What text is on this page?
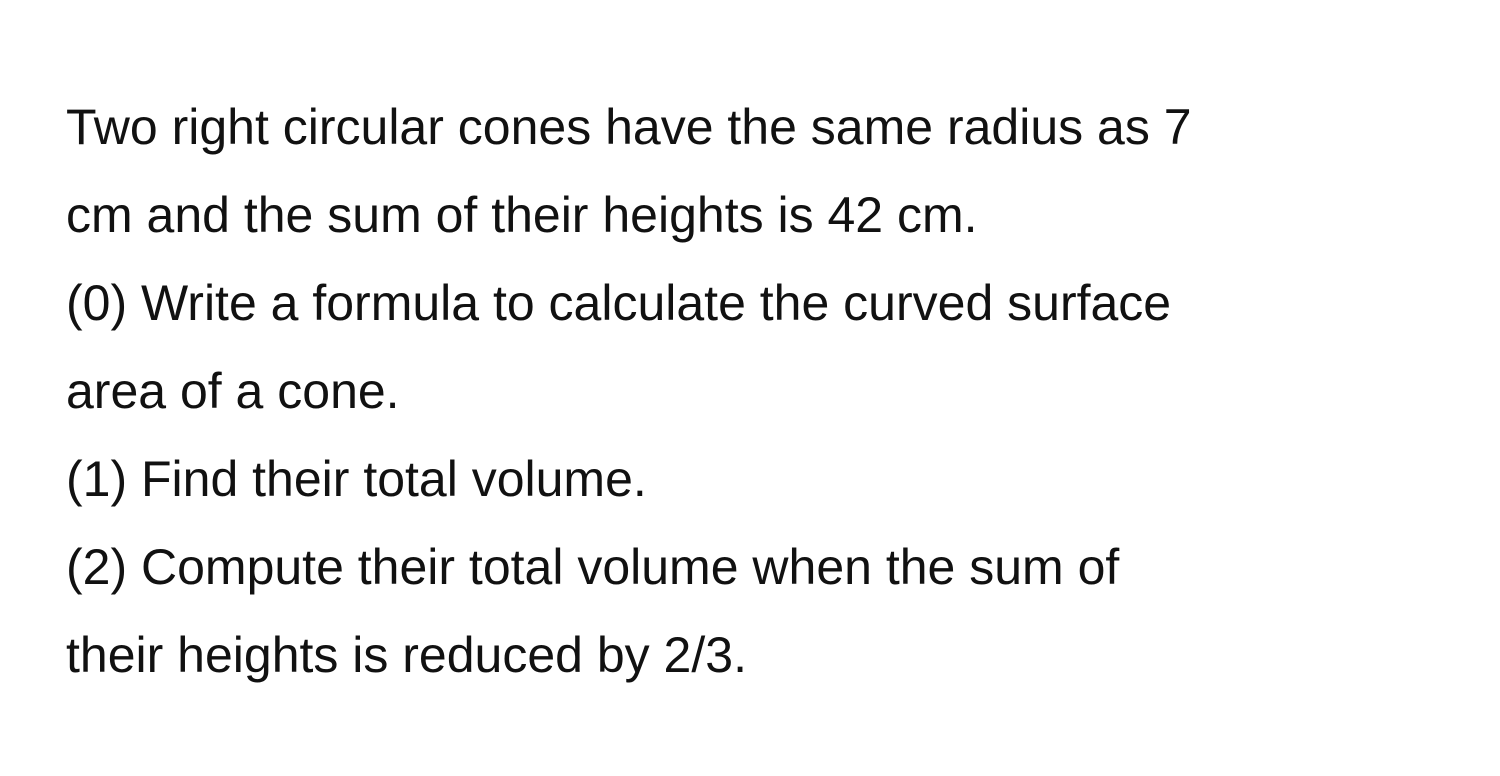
Two right circular cones have the same radius as 7

cm and the sum of their heights is 42 cm.

(0) Write a formula to calculate the curved surface

area of a cone.

(1) Find their total volume.

(2) Compute their total volume when the sum of

their heights is reduced by 2/3.
